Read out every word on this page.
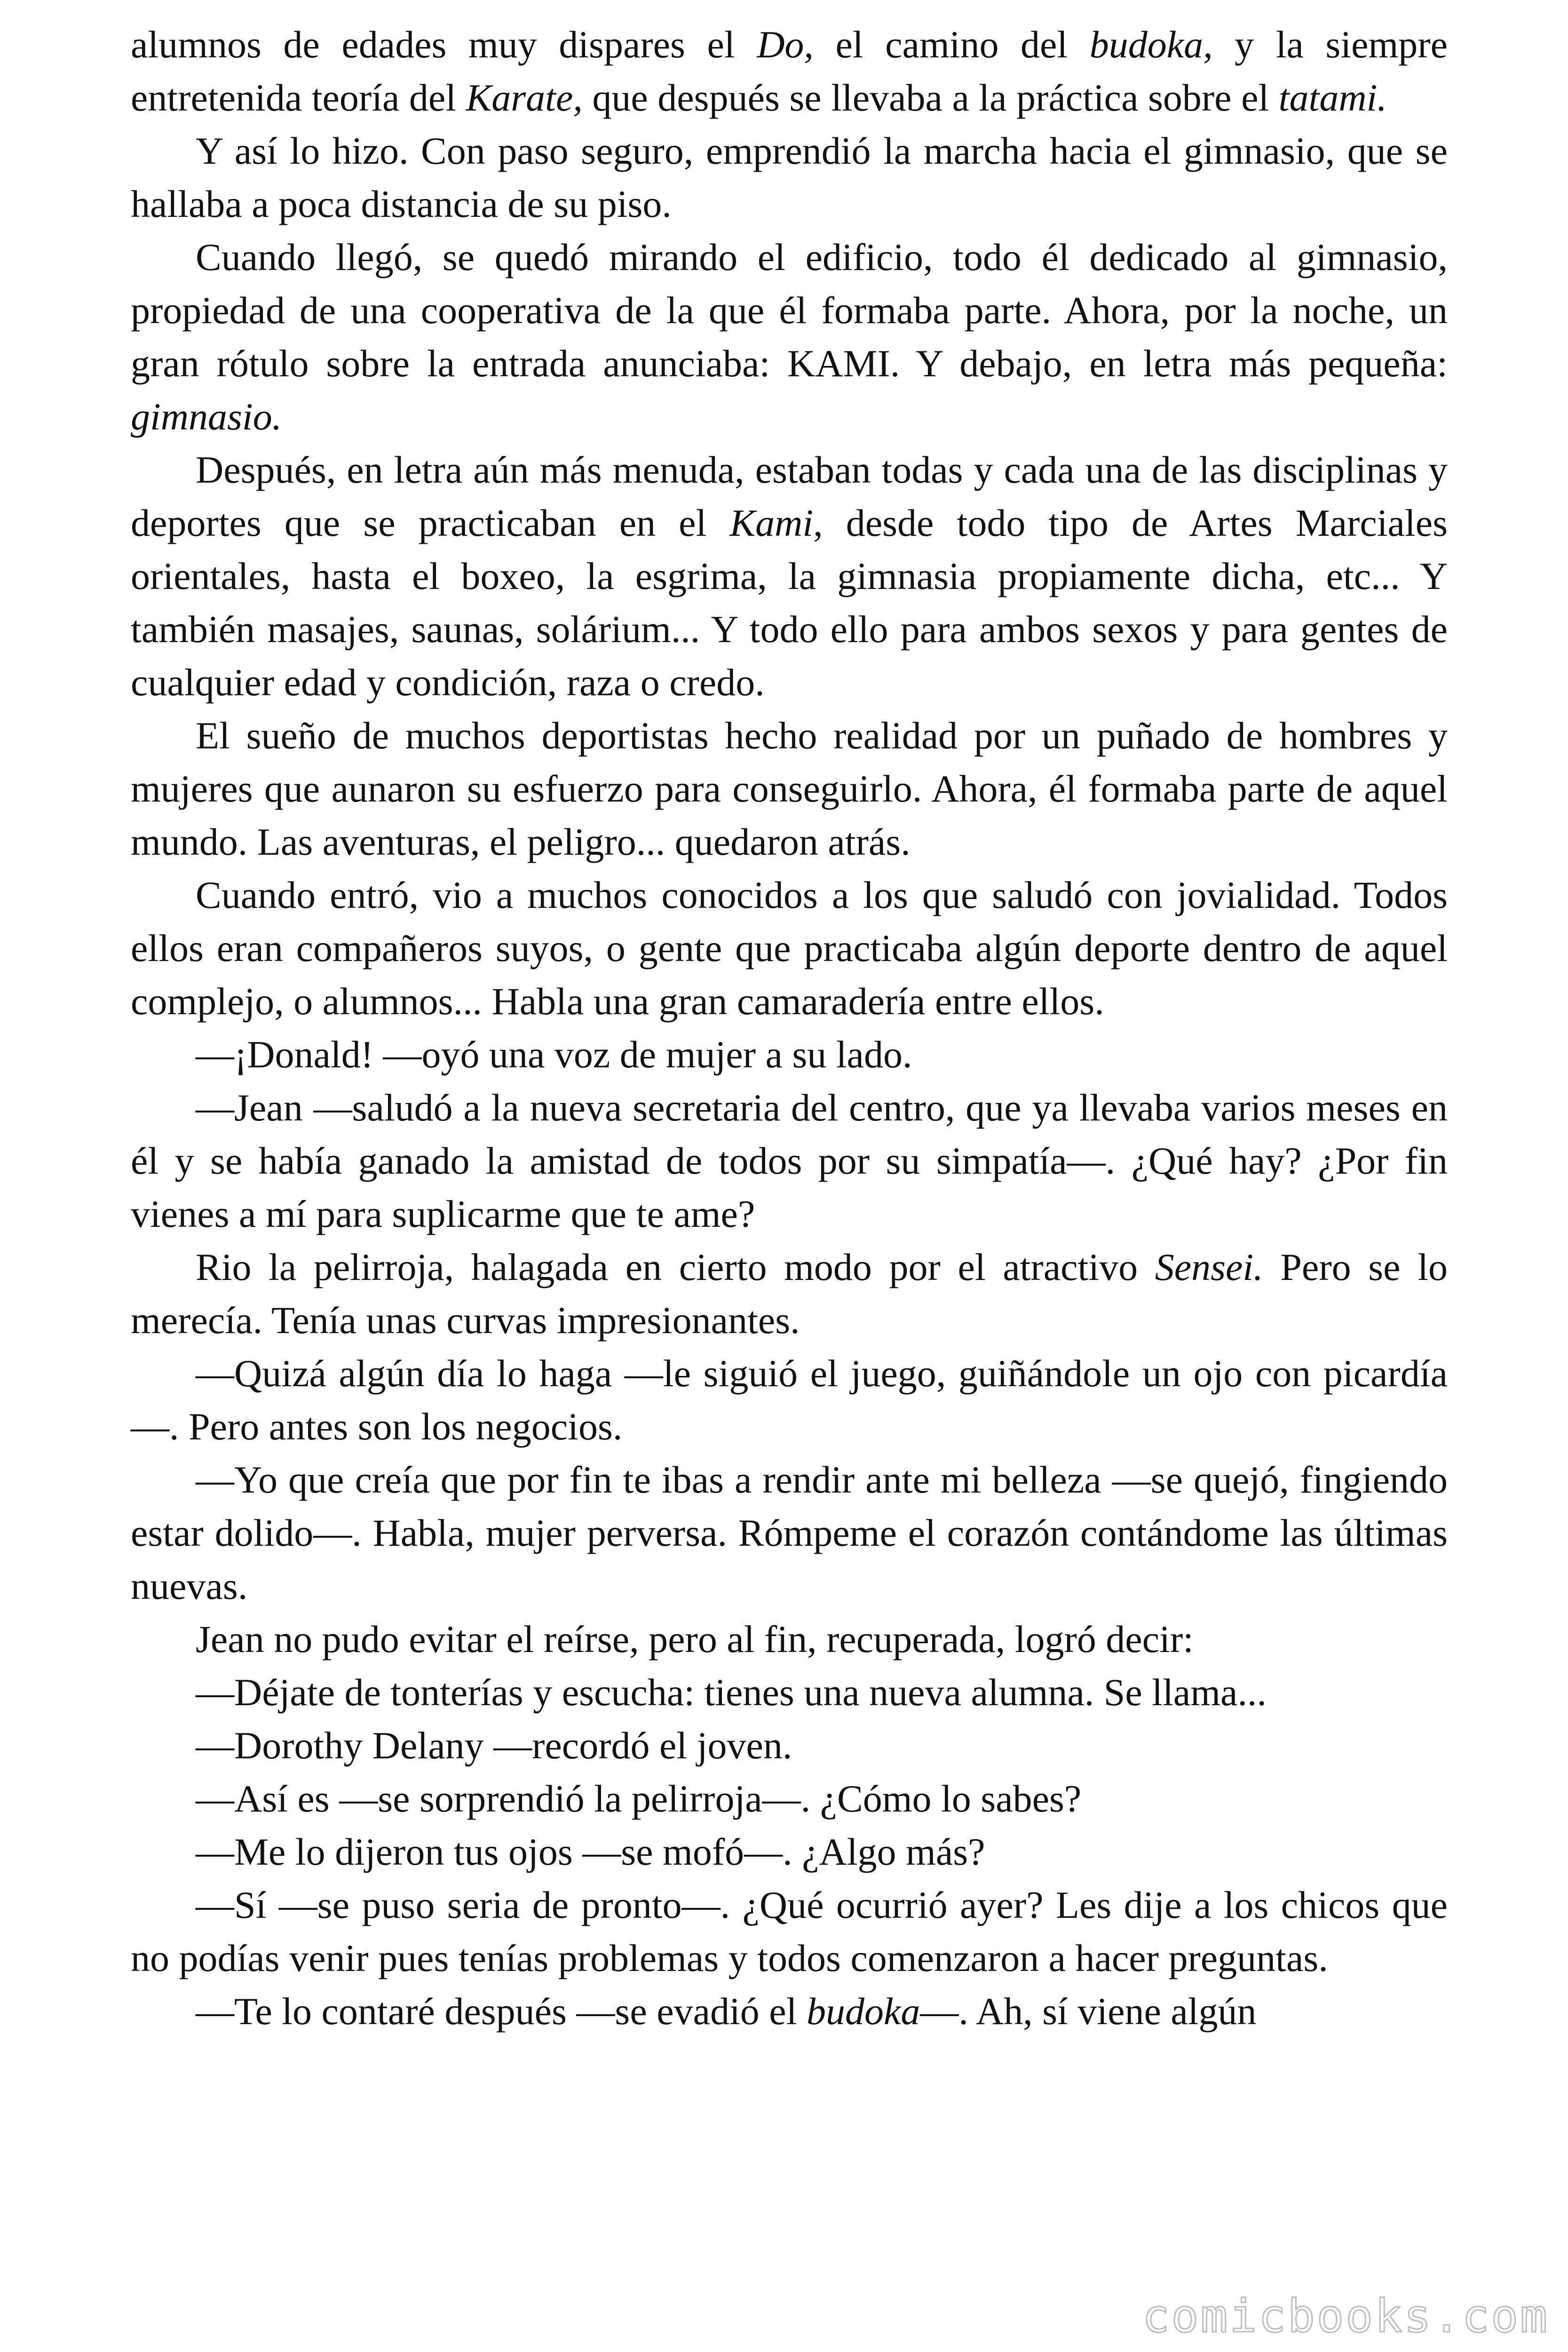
alumnos de edades muy dispares el Do, el camino del budoka, y la siempre entretenida teoría del Karate, que después se llevaba a la práctica sobre el tatami.

Y así lo hizo. Con paso seguro, emprendió la marcha hacia el gimnasio, que se hallaba a poca distancia de su piso.

Cuando llegó, se quedó mirando el edificio, todo él dedicado al gimnasio, propiedad de una cooperativa de la que él formaba parte. Ahora, por la noche, un gran rótulo sobre la entrada anunciaba: KAMI. Y debajo, en letra más pequeña: gimnasio.

Después, en letra aún más menuda, estaban todas y cada una de las disciplinas y deportes que se practicaban en el Kami, desde todo tipo de Artes Marciales orientales, hasta el boxeo, la esgrima, la gimnasia propiamente dicha, etc... Y también masajes, saunas, solárium... Y todo ello para ambos sexos y para gentes de cualquier edad y condición, raza o credo.

El sueño de muchos deportistas hecho realidad por un puñado de hombres y mujeres que aunaron su esfuerzo para conseguirlo. Ahora, él formaba parte de aquel mundo. Las aventuras, el peligro... quedaron atrás.

Cuando entró, vio a muchos conocidos a los que saludó con jovialidad. Todos ellos eran compañeros suyos, o gente que practicaba algún deporte dentro de aquel complejo, o alumnos... Habla una gran camaradería entre ellos.

—¡Donald! —oyó una voz de mujer a su lado.

—Jean —saludó a la nueva secretaria del centro, que ya llevaba varios meses en él y se había ganado la amistad de todos por su simpatía—. ¿Qué hay? ¿Por fin vienes a mí para suplicarme que te ame?

Rio la pelirroja, halagada en cierto modo por el atractivo Sensei. Pero se lo merecía. Tenía unas curvas impresionantes.

—Quizá algún día lo haga —le siguió el juego, guiñándole un ojo con picardía—. Pero antes son los negocios.

—Yo que creía que por fin te ibas a rendir ante mi belleza —se quejó, fingiendo estar dolido—. Habla, mujer perversa. Rómpeme el corazón contándome las últimas nuevas.

Jean no pudo evitar el reírse, pero al fin, recuperada, logró decir:

—Déjate de tonterías y escucha: tienes una nueva alumna. Se llama...

—Dorothy Delany —recordó el joven.

—Así es —se sorprendió la pelirroja—. ¿Cómo lo sabes?

—Me lo dijeron tus ojos —se mofó—. ¿Algo más?

—Sí —se puso seria de pronto—. ¿Qué ocurrió ayer? Les dije a los chicos que no podías venir pues tenías problemas y todos comenzaron a hacer preguntas.

—Te lo contaré después —se evadió el budoka—. Ah, sí viene algún

comicbooks.com
